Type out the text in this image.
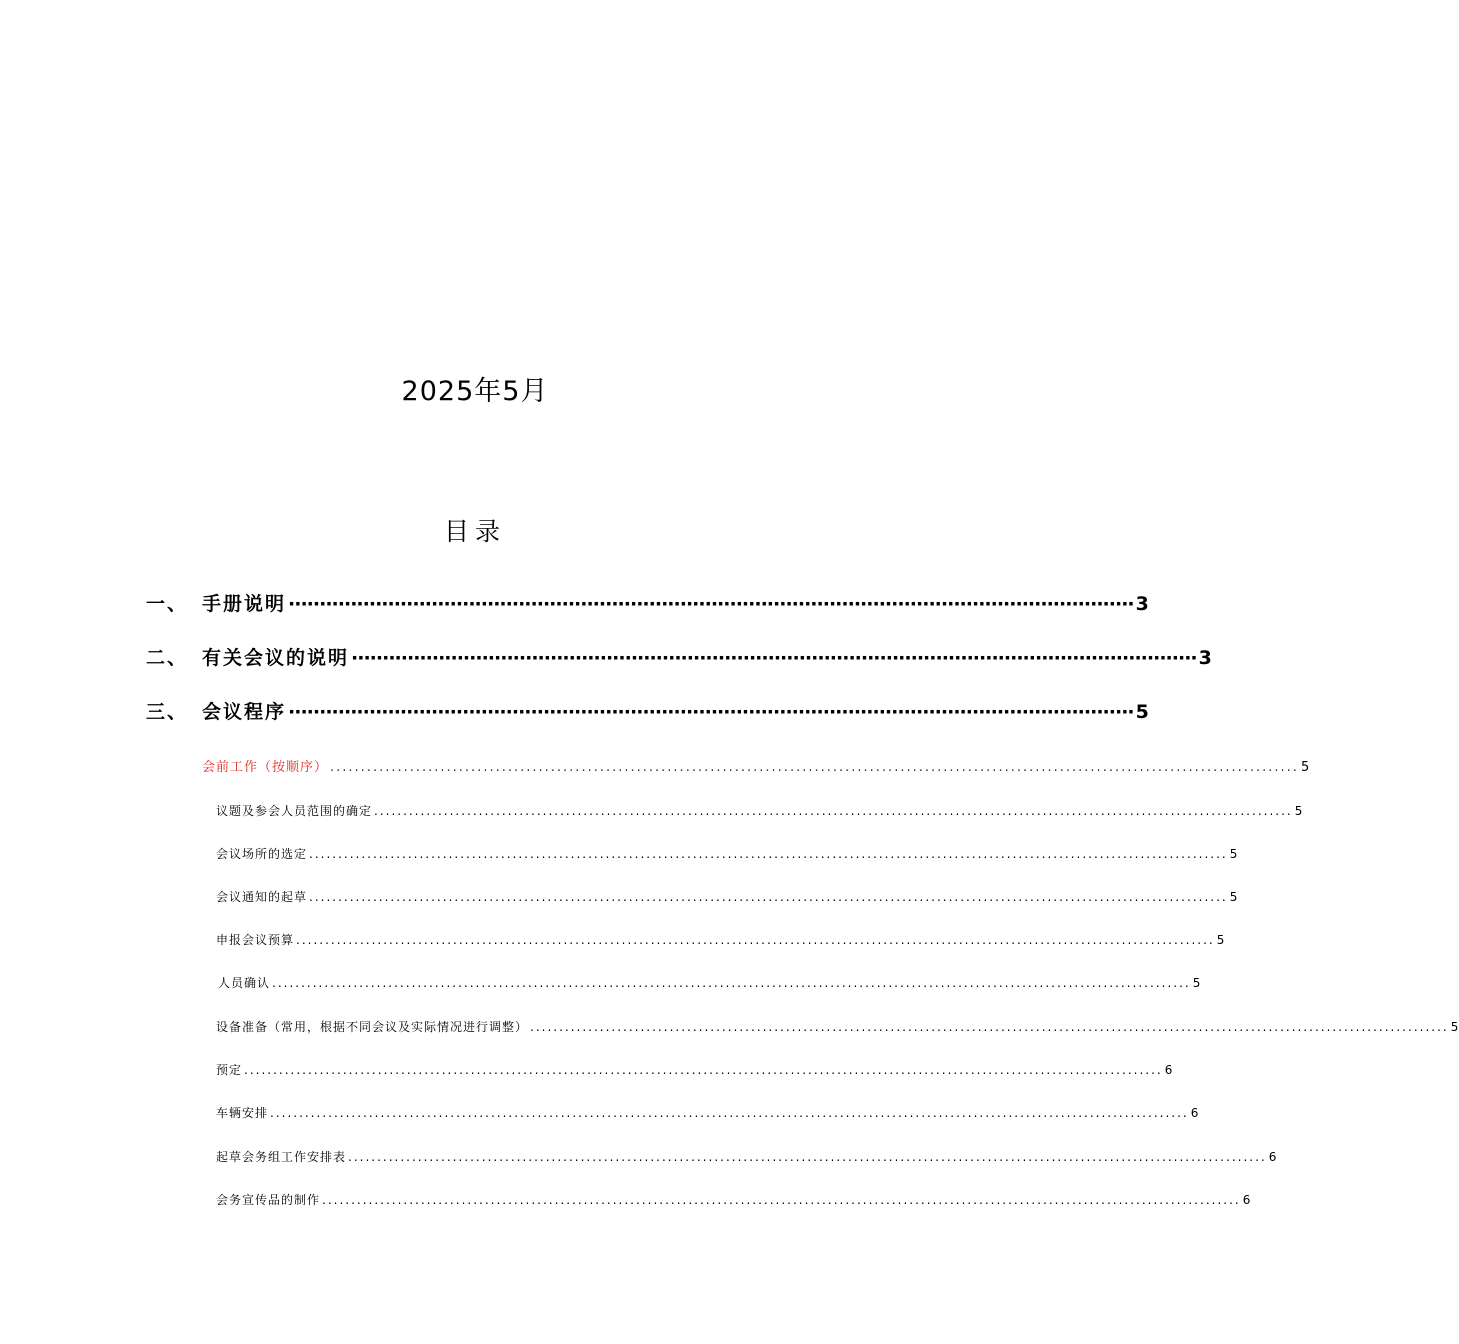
2025年5月
目录
一、 手册说明 ········································································································································ 3
二、 有关会议的说明 ········································································································································ 3
三、 会议程序 ········································································································································ 5
会前工作（按顺序） .............................................................................................................................................................. 5
议题及参会人员范围的确定 .............................................................................................................................................................. 5
会议场所的选定 .............................................................................................................................................................. 5
会议通知的起草 .............................................................................................................................................................. 5
申报会议预算 .............................................................................................................................................................. 5
人员确认 .............................................................................................................................................................. 5
设备准备（常用，根据不同会议及实际情况进行调整） .............................................................................................................................................................. 5
预定 .............................................................................................................................................................. 6
车辆安排 .............................................................................................................................................................. 6
起草会务组工作安排表 .............................................................................................................................................................. 6
会务宣传品的制作 .............................................................................................................................................................. 6
